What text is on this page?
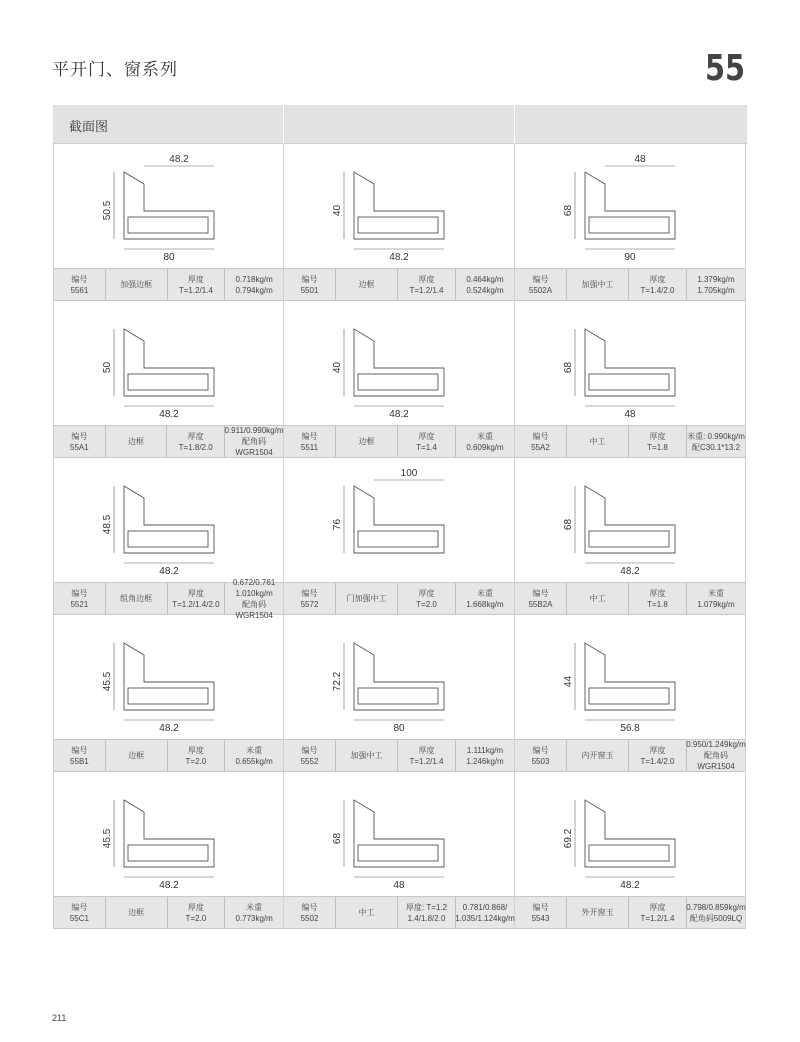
平开门、窗系列	55
截面图
50.5
80
48.2
编号
5561
加强边框
厚度
T=1.2/1.4
0.718kg/m
0.794kg/m
40
48.2
编号
5501
边框
厚度
T=1.2/1.4
0.464kg/m
0.524kg/m
68
90
48
编号
5502A
加强中工
厚度
T=1.4/2.0
1.379kg/m
1.705kg/m
50
48.2
编号
55A1
边框
厚度
T=1.8/2.0
0.911/0.990kg/m
配角码WGR1504
40
48.2
编号
5511
边框
厚度
T=1.4
米重
0.609kg/m
68
48
编号
55A2
中工
厚度
T=1.8
米重: 0.990kg/m
配C30.1*13.2
48.5
48.2
编号
5521
组角边框
厚度
T=1.2/1.4/2.0
0.672/0.761
1.010kg/m
配角码WGR1504
76
100
编号
5572
门加强中工
厚度
T=2.0
米重
1.668kg/m
68
48.2
编号
55B2A
中工
厚度
T=1.8
米重
1.079kg/m
45.5
48.2
编号
55B1
边框
厚度
T=2.0
米重
0.655kg/m
72.2
80
编号
5552
加强中工
厚度
T=1.2/1.4
1.111kg/m
1.246kg/m
44
56.8
编号
5503
内开窗玉
厚度
T=1.4/2.0
0.950/1.249kg/m
配角码WGR1504
45.5
48.2
编号
55C1
边框
厚度
T=2.0
米重
0.773kg/m
68
48
编号
5502
中工
厚度: T=1.2
1.4/1.8/2.0
0.781/0.868/
1.035/1.124kg/m
69.2
48.2
编号
5543
外开窗玉
厚度
T=1.2/1.4
0.798/0.859kg/m
配角码5009LQ
211
